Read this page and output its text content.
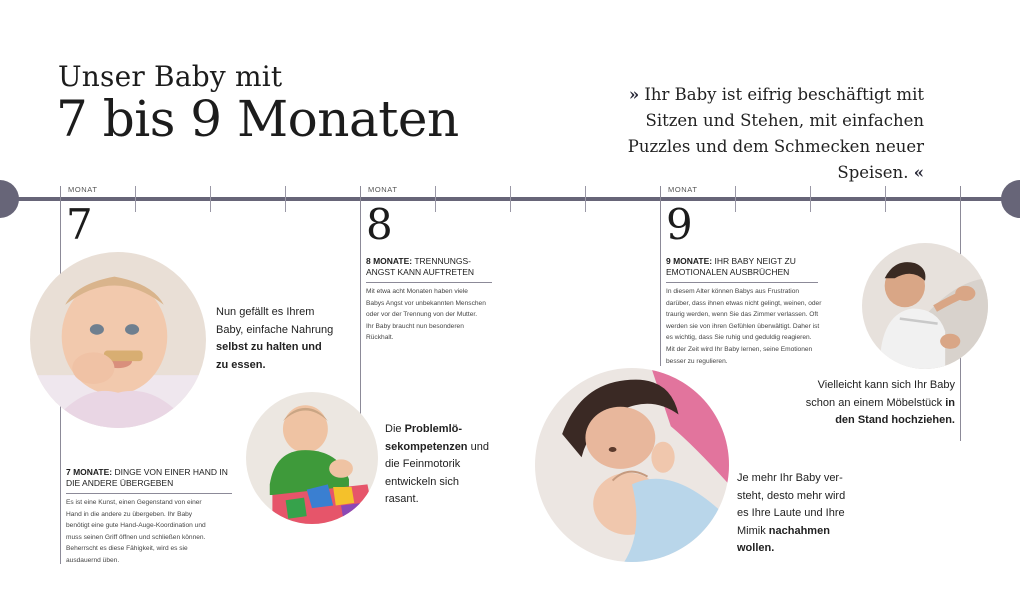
Unser Baby mit
7 bis 9 Monaten	» Ihr Baby ist eifrig beschäftigt mit Sitzen und Stehen, mit einfachen Puzzles und dem Schmecken neuer Speisen. «
MONAT
7
MONAT
8
MONAT
9
8 MONATE: TRENNUNGSANGST KANN AUFTRETEN
Mit etwa acht Monaten haben viele Babys Angst vor unbekannten Menschen oder vor der Trennung von der Mutter. Ihr Baby braucht nun besonderen Rückhalt.
9 MONATE: IHR BABY NEIGT ZU EMOTIONALEN AUSBRÜCHEN
In diesem Alter können Babys aus Frustration darüber, dass ihnen etwas nicht gelingt, weinen, oder traurig werden, wenn Sie das Zimmer verlassen. Oft werden sie von ihren Gefühlen überwältigt. Daher ist es wichtig, dass Sie ruhig und geduldig reagieren. Mit der Zeit wird Ihr Baby lernen, seine Emotionen besser zu regulieren.
7 MONATE: DINGE VON EINER HAND IN DIE ANDERE ÜBERGEBEN
Es ist eine Kunst, einen Gegenstand von einer Hand in die andere zu übergeben. Ihr Baby benötigt eine gute Hand-Auge-Koordination und muss seinen Griff öffnen und schließen können. Beherrscht es diese Fähigkeit, wird es sie ausdauernd üben.
Nun gefällt es Ihrem Baby, einfache Nahrung selbst zu halten und zu essen.
Die Problemlösekompetenzen und die Feinmotorik entwickeln sich rasant.
Je mehr Ihr Baby versteht, desto mehr wird es Ihre Laute und Ihre Mimik nachahmen wollen.
Vielleicht kann sich Ihr Baby schon an einem Möbelstück in den Stand hochziehen.
